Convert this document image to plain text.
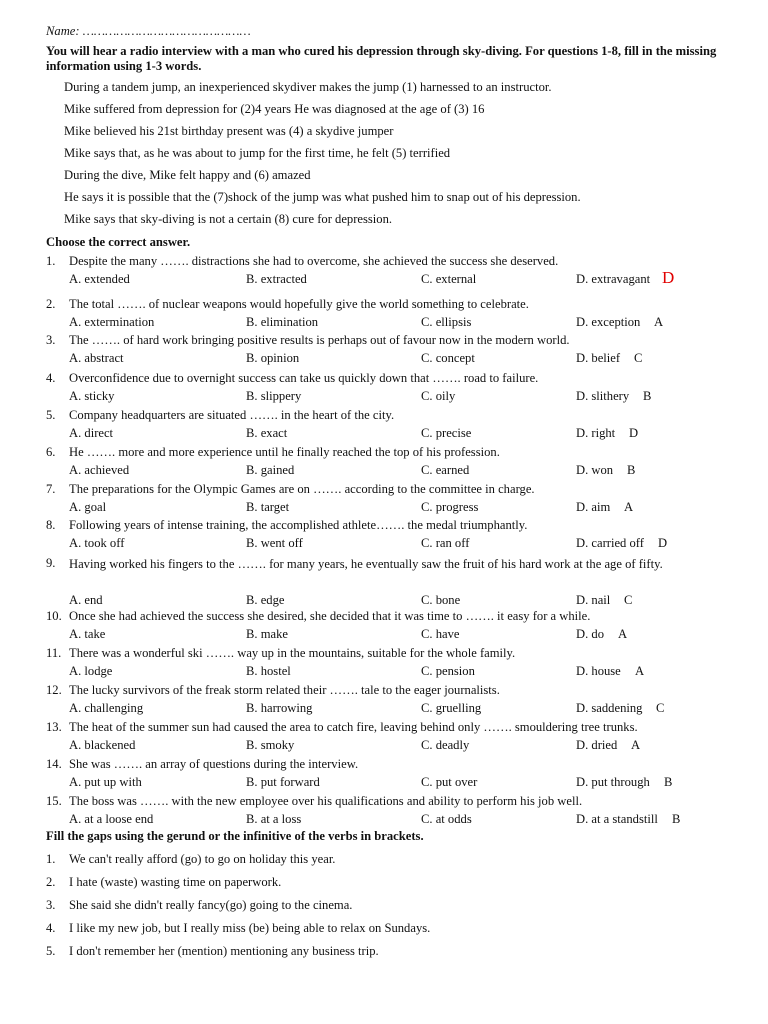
Name: ………………………………………
You will hear a radio interview with a man who cured his depression through sky-diving. For questions 1-8, fill in the missing information using 1-3 words.
During a tandem jump, an inexperienced skydiver makes the jump (1) harnessed to an instructor.
Mike suffered from depression for (2)4 years He was diagnosed at the age of (3) 16
Mike believed his 21st birthday present was (4) a skydive jumper
Mike says that, as he was about to jump for the first time, he felt (5) terrified
During the dive, Mike felt happy and (6) amazed
He says it is possible that the (7)shock of the jump was what pushed him to snap out of his depression.
Mike says that sky-diving is not a certain (8) cure for depression.
Choose the correct answer.
1. Despite the many ……. distractions she had to overcome, she achieved the success she deserved.
A. extended	B. extracted	C. external	D. extravagant D
2. The total ……. of nuclear weapons would hopefully give the world something to celebrate.
A. extermination	B. elimination	C. ellipsis	D. exception A
3. The ……. of hard work bringing positive results is perhaps out of favour now in the modern world.
A. abstract	B. opinion	C. concept	D. belief C
4. Overconfidence due to overnight success can take us quickly down that ……. road to failure.
A. sticky	B. slippery	C. oily	D. slithery B
5. Company headquarters are situated ……. in the heart of the city.
A. direct	B. exact	C. precise	D. right D
6. He ……. more and more experience until he finally reached the top of his profession.
A. achieved	B. gained	C. earned	D. won B
7. The preparations for the Olympic Games are on ……. according to the committee in charge.
A. goal	B. target	C. progress	D. aim A
8. Following years of intense training, the accomplished athlete……. the medal triumphantly.
A. took off	B. went off	C. ran off	D. carried off D
9. Having worked his fingers to the ……. for many years, he eventually saw the fruit of his hard work at the age of fifty.
A. end	B. edge	C. bone	D. nail C
10. Once she had achieved the success she desired, she decided that it was time to ……. it easy for a while.
A. take	B. make	C. have	D. do A
11. There was a wonderful ski ……. way up in the mountains, suitable for the whole family.
A. lodge	B. hostel	C. pension	D. house A
12. The lucky survivors of the freak storm related their ……. tale to the eager journalists.
A. challenging	B. harrowing	C. gruelling	D. saddening C
13. The heat of the summer sun had caused the area to catch fire, leaving behind only ……. smouldering tree trunks.
A. blackened	B. smoky	C. deadly	D. dried A
14. She was ……. an array of questions during the interview.
A. put up with	B. put forward	C. put over	D. put through B
15. The boss was ……. with the new employee over his qualifications and ability to perform his job well.
A. at a loose end	B. at a loss	C. at odds	D. at a standstill B
Fill the gaps using the gerund or the infinitive of the verbs in brackets.
1. We can't really afford (go) to go on holiday this year.
2. I hate (waste) wasting time on paperwork.
3. She said she didn't really fancy(go) going to the cinema.
4. I like my new job, but I really miss (be) being able to relax on Sundays.
5. I don't remember her (mention) mentioning any business trip.
